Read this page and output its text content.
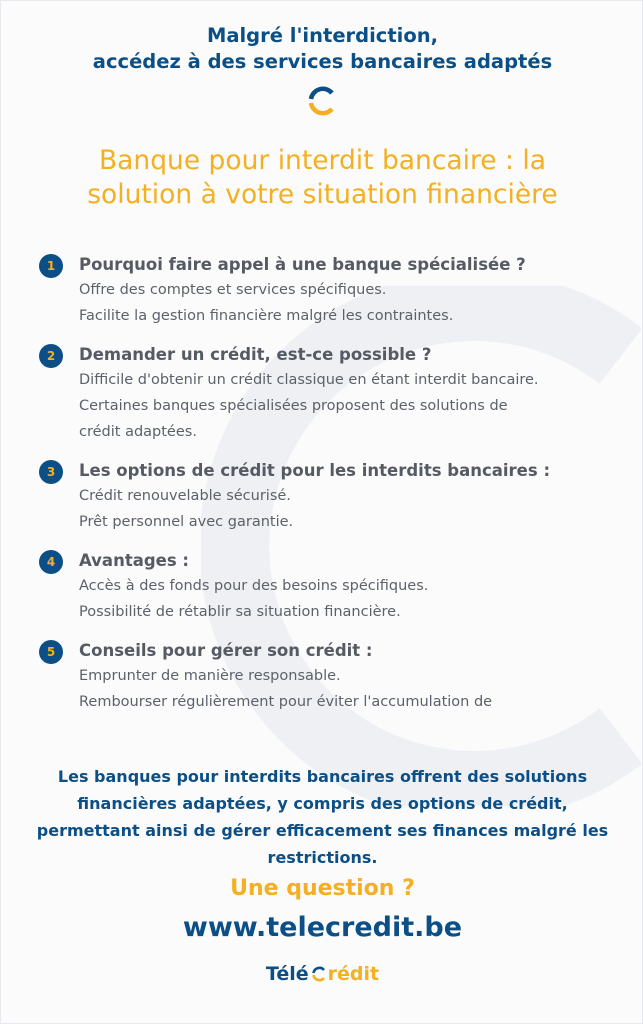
Malgré l'interdiction,
accédez à des services bancaires adaptés
Banque pour interdit bancaire : la
solution à votre situation financière
1	Pourquoi faire appel à une banque spécialisée ?
Offre des comptes et services spécifiques.
Facilite la gestion financière malgré les contraintes.
2	Demander un crédit, est-ce possible ?
Difficile d'obtenir un crédit classique en étant interdit bancaire.
Certaines banques spécialisées proposent des solutions de
crédit adaptées.
3	Les options de crédit pour les interdits bancaires :
Crédit renouvelable sécurisé.
Prêt personnel avec garantie.
4	Avantages :
Accès à des fonds pour des besoins spécifiques.
Possibilité de rétablir sa situation financière.
5	Conseils pour gérer son crédit :
Emprunter de manière responsable.
Rembourser régulièrement pour éviter l'accumulation de
Les banques pour interdits bancaires offrent des solutions
financières adaptées, y compris des options de crédit,
permettant ainsi de gérer efficacement ses finances malgré les
restrictions.
Une question ?
www.telecredit.be
Télé rédit
